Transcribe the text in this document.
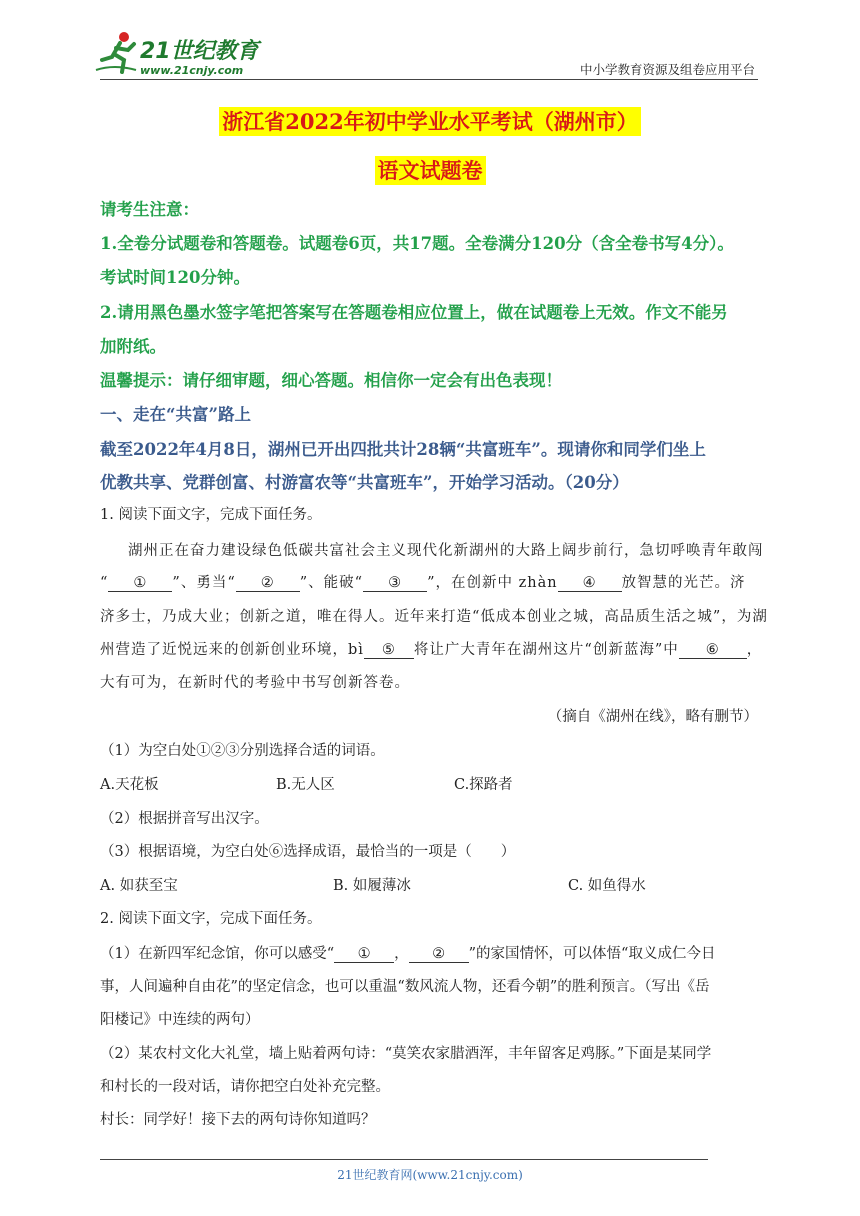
21世纪教育
www.21cnjy.com	中小学教育资源及组卷应用平台
浙江省2022年初中学业水平考试（湖州市）
语文试题卷
请考生注意：
1.全卷分试题卷和答题卷。试题卷6页，共17题。全卷满分120分（含全卷书写4分）。
考试时间120分钟。
2.请用黑色墨水签字笔把答案写在答题卷相应位置上，做在试题卷上无效。作文不能另
加附纸。
温馨提示：请仔细审题，细心答题。相信你一定会有出色表现！
一、走在“共富”路上
截至2022年4月8日，湖州已开出四批共计28辆“共富班车”。现请你和同学们坐上
优教共享、党群创富、村游富农等“共富班车”，开始学习活动。（20分）
1. 阅读下面文字，完成下面任务。
湖州正在奋力建设绿色低碳共富社会主义现代化新湖州的大路上阔步前行，急切呼唤青年敢闯
“ ① ”、勇当“ ② ”、能破“ ③ ”，在创新中 zhàn ④ 放智慧的光芒。济
济多士，乃成大业；创新之道，唯在得人。近年来打造“低成本创业之城，高品质生活之城”，为湖
州营造了近悦远来的创新创业环境，bì ⑤ 将让广大青年在湖州这片“创新蓝海”中 ⑥ ，
大有可为，在新时代的考验中书写创新答卷。
（摘自《湖州在线》，略有删节）
（1）为空白处①②③分别选择合适的词语。
A.天花板	B.无人区	C.探路者
（2）根据拼音写出汉字。
（3）根据语境，为空白处⑥选择成语，最恰当的一项是（　　）
A. 如获至宝	B. 如履薄冰	C. 如鱼得水
2. 阅读下面文字，完成下面任务。
（1）在新四军纪念馆，你可以感受“ ① ， ② ”的家国情怀，可以体悟“取义成仁今日
事，人间遍种自由花”的坚定信念，也可以重温“数风流人物，还看今朝”的胜利预言。（写出《岳
阳楼记》中连续的两句）
（2）某农村文化大礼堂，墙上贴着两句诗：“莫笑农家腊酒浑，丰年留客足鸡豚。”下面是某同学
和村长的一段对话，请你把空白处补充完整。
村长：同学好！接下去的两句诗你知道吗？
21世纪教育网(www.21cnjy.com)
